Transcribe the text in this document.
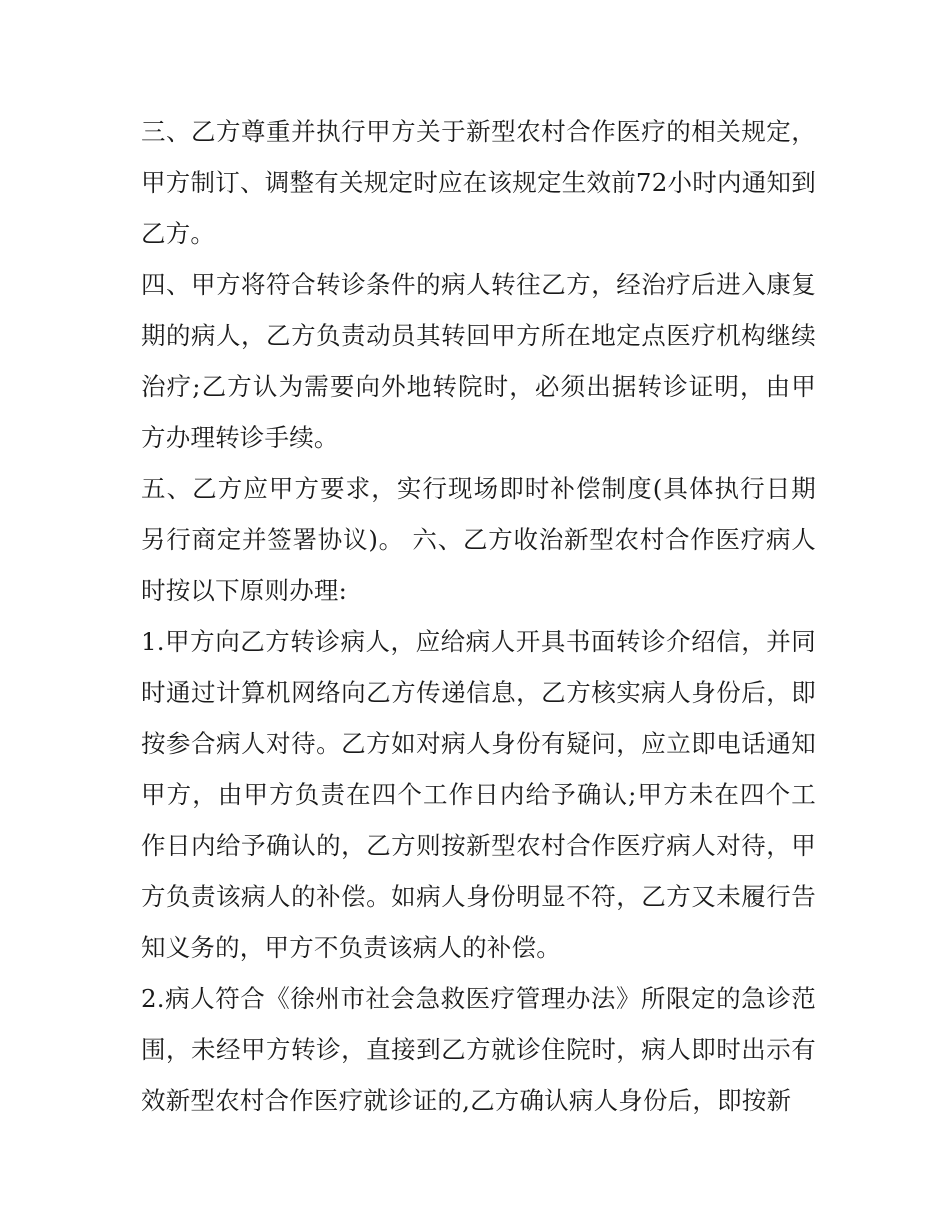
三、乙方尊重并执行甲方关于新型农村合作医疗的相关规定，甲方制订、调整有关规定时应在该规定生效前72小时内通知到乙方。

四、甲方将符合转诊条件的病人转往乙方，经治疗后进入康复期的病人，乙方负责动员其转回甲方所在地定点医疗机构继续治疗;乙方认为需要向外地转院时，必须出据转诊证明，由甲方办理转诊手续。

五、乙方应甲方要求，实行现场即时补偿制度(具体执行日期另行商定并签署协议)。 六、乙方收治新型农村合作医疗病人时按以下原则办理:

1.甲方向乙方转诊病人，应给病人开具书面转诊介绍信，并同时通过计算机网络向乙方传递信息，乙方核实病人身份后，即按参合病人对待。乙方如对病人身份有疑问，应立即电话通知甲方，由甲方负责在四个工作日内给予确认;甲方未在四个工作日内给予确认的，乙方则按新型农村合作医疗病人对待，甲方负责该病人的补偿。如病人身份明显不符，乙方又未履行告知义务的，甲方不负责该病人的补偿。

2.病人符合《徐州市社会急救医疗管理办法》所限定的急诊范围，未经甲方转诊，直接到乙方就诊住院时，病人即时出示有效新型农村合作医疗就诊证的,乙方确认病人身份后，即按新
